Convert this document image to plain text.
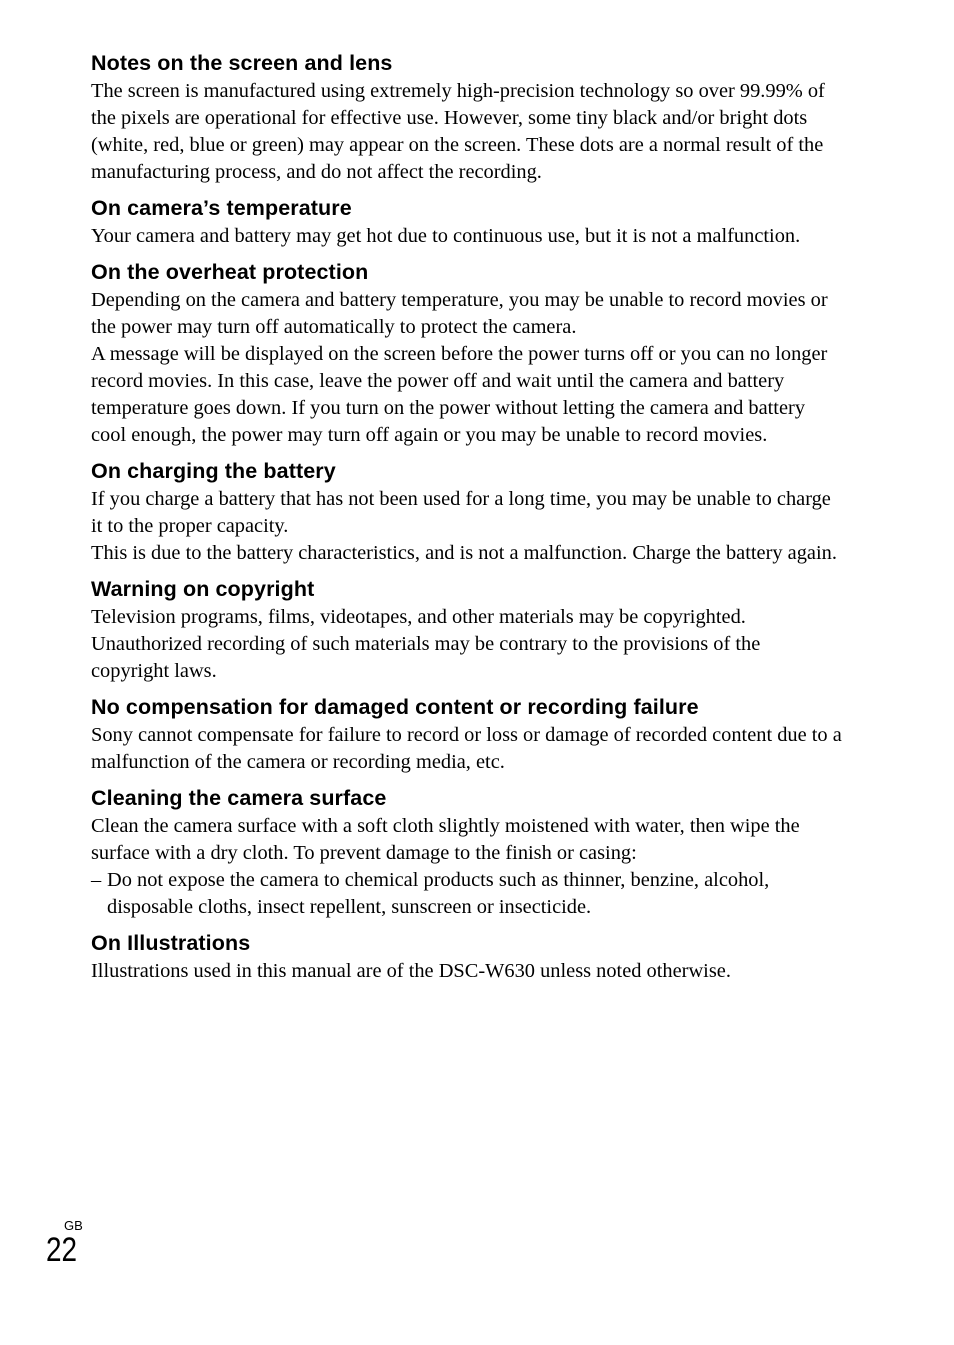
Notes on the screen and lens

The screen is manufactured using extremely high-precision technology so over 99.99% of the pixels are operational for effective use. However, some tiny black and/or bright dots (white, red, blue or green) may appear on the screen. These dots are a normal result of the manufacturing process, and do not affect the recording.

On camera’s temperature

Your camera and battery may get hot due to continuous use, but it is not a malfunction.

On the overheat protection

Depending on the camera and battery temperature, you may be unable to record movies or the power may turn off automatically to protect the camera.

A message will be displayed on the screen before the power turns off or you can no longer record movies. In this case, leave the power off and wait until the camera and battery temperature goes down. If you turn on the power without letting the camera and battery cool enough, the power may turn off again or you may be unable to record movies.

On charging the battery

If you charge a battery that has not been used for a long time, you may be unable to charge it to the proper capacity.

This is due to the battery characteristics, and is not a malfunction. Charge the battery again.

Warning on copyright

Television programs, films, videotapes, and other materials may be copyrighted. Unauthorized recording of such materials may be contrary to the provisions of the copyright laws.

No compensation for damaged content or recording failure

Sony cannot compensate for failure to record or loss or damage of recorded content due to a malfunction of the camera or recording media, etc.

Cleaning the camera surface

Clean the camera surface with a soft cloth slightly moistened with water, then wipe the surface with a dry cloth. To prevent damage to the finish or casing:

– Do not expose the camera to chemical products such as thinner, benzine, alcohol, disposable cloths, insect repellent, sunscreen or insecticide.

On Illustrations

Illustrations used in this manual are of the DSC-W630 unless noted otherwise.

GB
22
